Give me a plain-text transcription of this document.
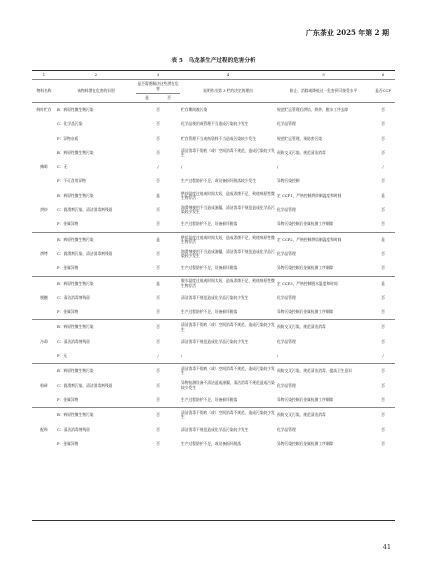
广东茶业 2025 年第 2 期
表 5　乌龙茶生产过程的危害分析
1	2	3		4	5	6
物料名称	该物料潜在危害的识别	是否需要解决这些潜在危害		说明作出第 3 栏的决定的理由	防止、消除或降低这一危害到可接受水平	是否CCP
		是	否			
鲜叶贮存	B：病原性微生物污染	否		贮存期间被污染	规范贮运管理后烘焙、烘炒、脱水工序去除	否
	C：化学品污染	否		化学品使用或管理不当造成污染较少发生	化学品管理	否
	P：异物杂质	否		贮存管理不当或纸袋料不当造成污染较少发生	规范贮运管理，预防害污染	否
	B：病原性微生物污染	否		清洁消毒不彻底（或）空间消毒不规范，造成污染较少发生	预防交叉污染，规范清洁消毒	否
摊晾	C：无	/		/	/	/
	P：不可食用异物	否		生产过程防护不足，或设备损坏脱落较少发生	异物污染控制	否
	B：病原性微生物污染	是		烘炒温度过低或时间太短，造成杀菌不足，致使病原性微生物存活	定 CCP1，严格控制烘炒制温度和时间	是
烘炒	C：润滑剂污染、清洁消毒剂残留	否		润滑剂使用不当造成渗漏，清洁消毒不规范造成化学品污染较少发生	化学品管理	否
	P：金属异物	否		生产过程防护不足，设备损坏脱落	异物污染控制后金属检测工序剔除	否
	B：病原性微生物污染	是		烘焙温度过低或时间太短，造成杀菌不足，致使病原性微生物存活	定 CCP2，严格控制烘焙制温度和时间	是
烘烤	C：润滑剂污染、清洁消毒剂残留	否		润滑剂使用不当造成渗漏，清洁消毒不规范造成化学品污染较少发生	化学品管理	否
	P：金属异物	否		生产过程防护不足，设备损坏脱落	异物污染控制后金属检测工序剔除	否
	B：病原性微生物污染	是		脱水温度过低或时间太短，造成杀菌不足，致使病原性微生物存活	定 CCP3，严格控制脱水温度和时间	是
脱糖	C：清洁消毒剂残留	否		清洁消毒不规范造成化学品污染较少发生	化学品管理	否
	P：金属异物	否		生产过程防护不足，设备损坏脱落	异物污染控制后金属检测工序剔除	否
	B：病原性微生物污染	否		清洁消毒不彻底（或）空间消毒不规范，造成污染较少发生	预防交叉污染，规范清洁消毒	否
冷却	C：清洁消毒剂残留	否		清洁消毒不规范造成化学品污染较少发生	化学品管理	否
	P：无	/		/	/	/
	B：病原性微生物污染	否		清洁消毒不彻底（或）空间消毒不规范，造成污染较少发生	预防交叉污染，规范清洁消毒，提高卫生意识	否
粉碎	C：润滑剂污染、清洁消毒剂残留	否		异物检测设备不清洁造成渗漏，清洁消毒不规范造成污染较少发生	化学品管理	否
	P：金属异物	否		生产过程防护不足，设备损坏脱落	异物污染控制后金属检测工序剔除	否
	B：病原性微生物污染	否		清洁消毒不彻底（或）空间消毒不规范，造成污染较少发生	预防交叉污染，规范清洁消毒	否
配料	C：清洁消毒剂残留	否		清洁消毒不规范造成化学品污染较少发生	化学品管理	否
	P：金属异物	否		生产过程防护不足，或设备损坏脱落	异物污染控制后金属检测工序剔除	否
41
